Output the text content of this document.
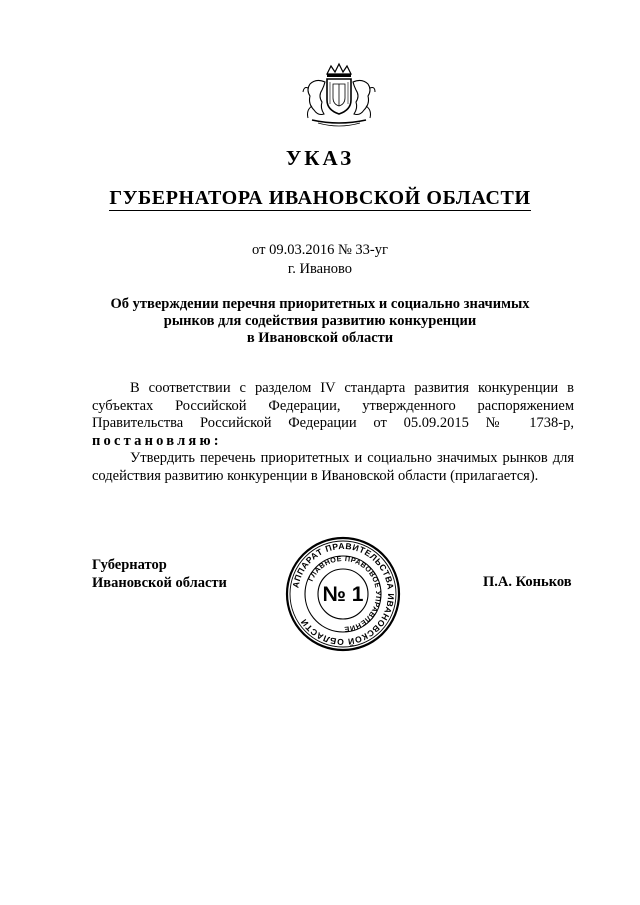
УКАЗ
ГУБЕРНАТОРА ИВАНОВСКОЙ ОБЛАСТИ
от 09.03.2016 № 33-уг
г. Иваново
Об утверждении перечня приоритетных и социально значимых
рынков для содействия развитию конкуренции
в Ивановской области

В соответствии с разделом IV стандарта развития конкуренции в субъектах Российской Федерации, утвержденного распоряжением Правительства Российской Федерации от 05.09.2015 № 1738-р, постановляю:

Утвердить перечень приоритетных и социально значимых рынков для содействия развитию конкуренции в Ивановской области (прилагается).

Губернатор
Ивановской области	АППАРАТ ПРАВИТЕЛЬСТВА ИВАНОВСКОЙ ОБЛАСТИ
ГЛАВНОЕ ПРАВОВОЕ УПРАВЛЕНИЕ
№ 1
П.А. Коньков
